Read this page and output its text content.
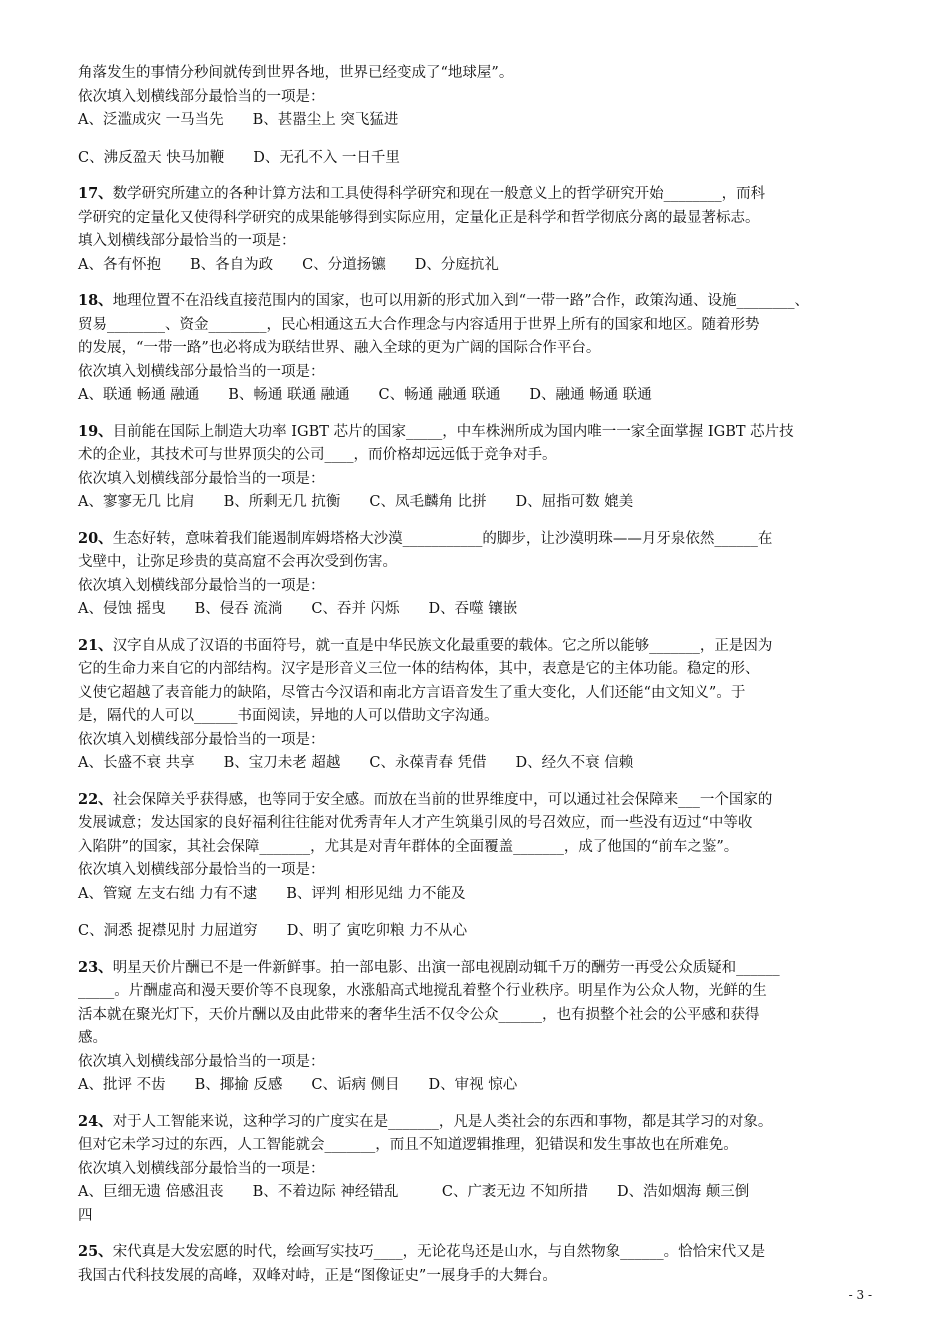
角落发生的事情分秒间就传到世界各地，世界已经变成了“地球屋”。

依次填入划横线部分最恰当的一项是：

A、泛滥成灾 一马当先　　B、甚嚣尘上 突飞猛进

C、沸反盈天 快马加鞭　　D、无孔不入 一日千里

17、数学研究所建立的各种计算方法和工具使得科学研究和现在一般意义上的哲学研究开始________，而科

学研究的定量化又使得科学研究的成果能够得到实际应用，定量化正是科学和哲学彻底分离的最显著标志。

填入划横线部分最恰当的一项是：

A、各有怀抱　　B、各自为政　　C、分道扬镳　　D、分庭抗礼

18、地理位置不在沿线直接范围内的国家，也可以用新的形式加入到“一带一路”合作，政策沟通、设施________、

贸易________、资金________，民心相通这五大合作理念与内容适用于世界上所有的国家和地区。随着形势

的发展，“一带一路”也必将成为联结世界、融入全球的更为广阔的国际合作平台。

依次填入划横线部分最恰当的一项是：

A、联通 畅通 融通　　B、畅通 联通 融通　　C、畅通 融通 联通　　D、融通 畅通 联通

19、目前能在国际上制造大功率 IGBT 芯片的国家_____，中车株洲所成为国内唯一一家全面掌握 IGBT 芯片技

术的企业，其技术可与世界顶尖的公司____，而价格却远远低于竞争对手。

依次填入划横线部分最恰当的一项是：

A、寥寥无几 比肩　　B、所剩无几 抗衡　　C、凤毛麟角 比拼　　D、屈指可数 媲美

20、生态好转，意味着我们能遏制库姆塔格大沙漠___________的脚步，让沙漠明珠——月牙泉依然______在

戈壁中，让弥足珍贵的莫高窟不会再次受到伤害。

依次填入划横线部分最恰当的一项是：

A、侵蚀 摇曳　　B、侵吞 流淌　　C、吞并 闪烁　　D、吞噬 镶嵌

21、汉字自从成了汉语的书面符号，就一直是中华民族文化最重要的载体。它之所以能够_______，正是因为

它的生命力来自它的内部结构。汉字是形音义三位一体的结构体，其中，表意是它的主体功能。稳定的形、

义使它超越了表音能力的缺陷，尽管古今汉语和南北方言语音发生了重大变化，人们还能“由文知义”。于

是，隔代的人可以______书面阅读，异地的人可以借助文字沟通。

依次填入划横线部分最恰当的一项是：

A、长盛不衰 共享　　B、宝刀未老 超越　　C、永葆青春 凭借　　D、经久不衰 信赖

22、社会保障关乎获得感，也等同于安全感。而放在当前的世界维度中，可以通过社会保障来___一个国家的

发展诚意；发达国家的良好福利往往能对优秀青年人才产生筑巢引凤的号召效应，而一些没有迈过“中等收

入陷阱”的国家，其社会保障_______，尤其是对青年群体的全面覆盖_______，成了他国的“前车之鉴”。

依次填入划横线部分最恰当的一项是：

A、管窥 左支右绌 力有不逮　　B、评判 相形见绌 力不能及

C、洞悉 捉襟见肘 力屈道穷　　D、明了 寅吃卯粮 力不从心

23、明星天价片酬已不是一件新鲜事。拍一部电影、出演一部电视剧动辄千万的酬劳一再受公众质疑和______

_____。片酬虚高和漫天要价等不良现象，水涨船高式地搅乱着整个行业秩序。明星作为公众人物，光鲜的生

活本就在聚光灯下，天价片酬以及由此带来的奢华生活不仅令公众______，也有损整个社会的公平感和获得

感。

依次填入划横线部分最恰当的一项是：

A、批评 不齿　　B、揶揄 反感　　C、诟病 侧目　　D、审视 惊心

24、对于人工智能来说，这种学习的广度实在是_______，凡是人类社会的东西和事物，都是其学习的对象。

但对它未学习过的东西，人工智能就会_______，而且不知道逻辑推理，犯错误和发生事故也在所难免。

依次填入划横线部分最恰当的一项是：

A、巨细无遗 倍感沮丧　　B、不着边际 神经错乱　　　C、广袤无边 不知所措　　D、浩如烟海 颠三倒

四

25、宋代真是大发宏愿的时代，绘画写实技巧____，无论花鸟还是山水，与自然物象______。恰恰宋代又是

我国古代科技发展的高峰，双峰对峙，正是“图像证史”一展身手的大舞台。

- 3 -
